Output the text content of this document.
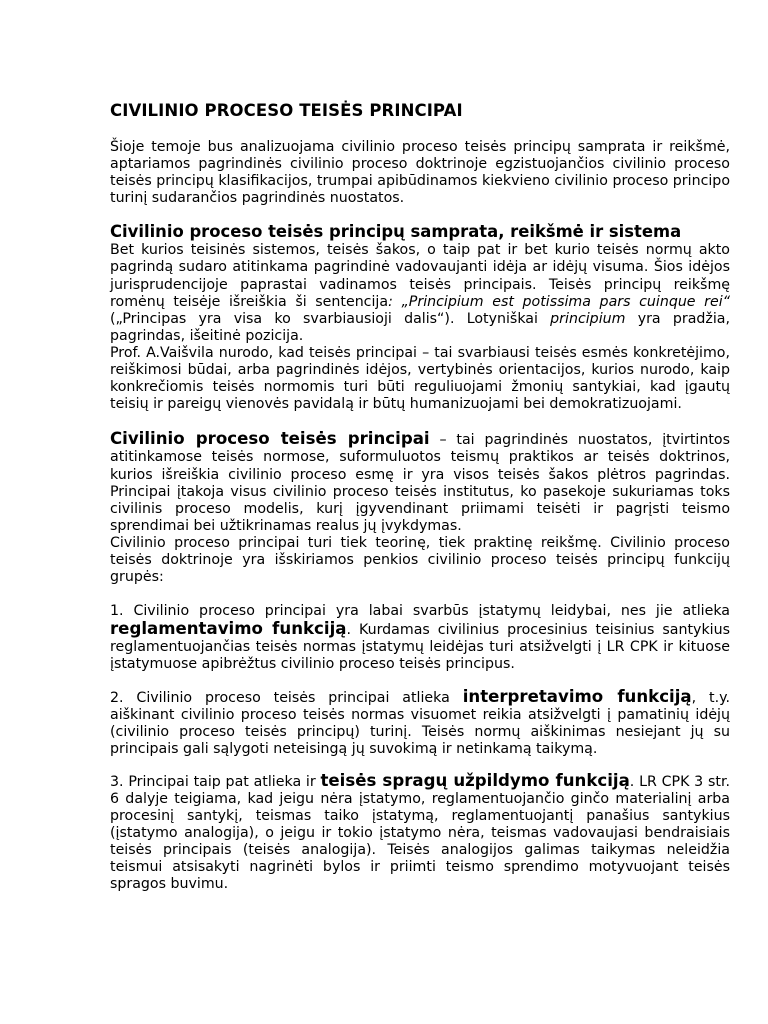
CIVILINIO PROCESO TEISĖS PRINCIPAI

Šioje temoje bus analizuojama civilinio proceso teisės principų samprata ir reikšmė, aptariamos pagrindinės civilinio proceso doktrinoje egzistuojančios civilinio proceso teisės principų klasifikacijos, trumpai apibūdinamos kiekvieno civilinio proceso principo turinį sudarančios pagrindinės nuostatos.

Civilinio proceso teisės principų samprata, reikšmė ir sistema

Bet kurios teisinės sistemos, teisės šakos, o taip pat ir bet kurio teisės normų akto pagrindą sudaro atitinkama pagrindinė vadovaujanti idėja ar idėjų visuma. Šios idėjos jurisprudencijoje paprastai vadinamos teisės principais. Teisės principų reikšmę romėnų teisėje išreiškia ši sentencija: „Principium est potissima pars cuinque rei“ („Principas yra visa ko svarbiausioji dalis“). Lotyniškai principium yra pradžia, pagrindas, išeitinė pozicija.

Prof. A.Vaišvila nurodo, kad teisės principai – tai svarbiausi teisės esmės konkretėjimo, reiškimosi būdai, arba pagrindinės idėjos, vertybinės orientacijos, kurios nurodo, kaip konkrečiomis teisės normomis turi būti reguliuojami žmonių santykiai, kad įgautų teisių ir pareigų vienovės pavidalą ir būtų humanizuojami bei demokratizuojami.

Civilinio proceso teisės principai – tai pagrindinės nuostatos, įtvirtintos atitinkamose teisės normose, suformuluotos teismų praktikos ar teisės doktrinos, kurios išreiškia civilinio proceso esmę ir yra visos teisės šakos plėtros pagrindas. Principai įtakoja visus civilinio proceso teisės institutus, ko pasekoje sukuriamas toks civilinis proceso modelis, kurį įgyvendinant priimami teisėti ir pagrįsti teismo sprendimai bei užtikrinamas realus jų įvykdymas.

Civilinio proceso principai turi tiek teorinę, tiek praktinę reikšmę. Civilinio proceso teisės doktrinoje yra išskiriamos penkios civilinio proceso teisės principų funkcijų grupės:

1. Civilinio proceso principai yra labai svarbūs įstatymų leidybai, nes jie atlieka reglamentavimo funkciją. Kurdamas civilinius procesinius teisinius santykius reglamentuojančias teisės normas įstatymų leidėjas turi atsižvelgti į LR CPK ir kituose įstatymuose apibrėžtus civilinio proceso teisės principus.

2. Civilinio proceso teisės principai atlieka interpretavimo funkciją, t.y. aiškinant civilinio proceso teisės normas visuomet reikia atsižvelgti į pamatinių idėjų (civilinio proceso teisės principų) turinį. Teisės normų aiškinimas nesiejant jų su principais gali sąlygoti neteisingą jų suvokimą ir netinkamą taikymą.

3. Principai taip pat atlieka ir teisės spragų užpildymo funkciją. LR CPK 3 str. 6 dalyje teigiama, kad jeigu nėra įstatymo, reglamentuojančio ginčo materialinį arba procesinį santykį, teismas taiko įstatymą, reglamentuojantį panašius santykius (įstatymo analogija), o jeigu ir tokio įstatymo nėra, teismas vadovaujasi bendraisiais teisės principais (teisės analogija). Teisės analogijos galimas taikymas neleidžia teismui atsisakyti nagrinėti bylos ir priimti teismo sprendimo motyvuojant teisės spragos buvimu.
